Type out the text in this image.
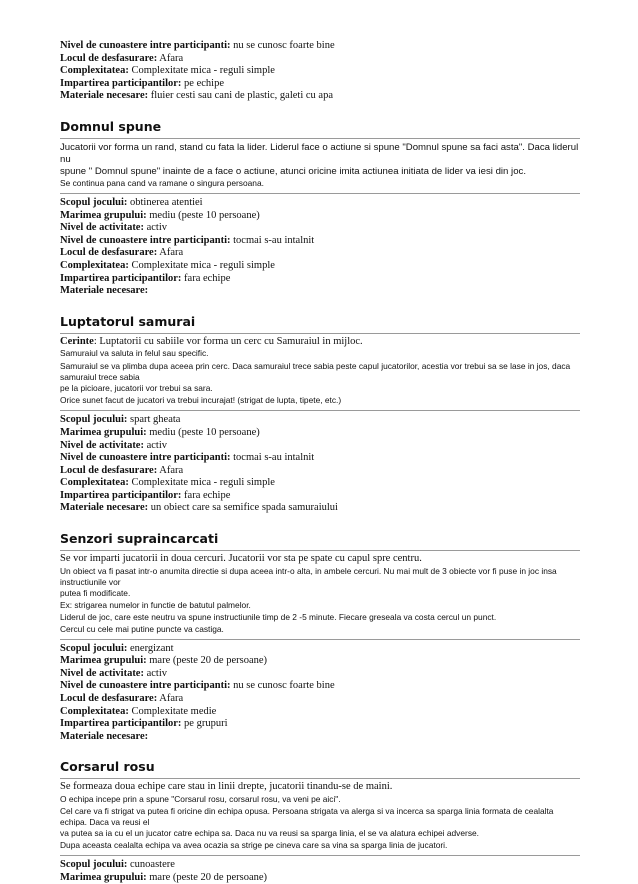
Nivel de cunoastere intre participanti: nu se cunosc foarte bine
Locul de desfasurare: Afara
Complexitatea: Complexitate mica - reguli simple
Impartirea participantilor: pe echipe
Materiale necesare: fluier cesti sau cani de plastic, galeti cu apa
Domnul spune
Jucatorii vor forma un rand, stand cu fata la lider. Liderul face o actiune si spune "Domnul spune sa faci asta". Daca liderul nu
spune " Domnul spune" inainte de a face o actiune, atunci oricine imita actiunea initiata de lider va iesi din joc.
Se continua pana cand va ramane o singura persoana.
Scopul jocului: obtinerea atentiei
Marimea grupului: mediu (peste 10 persoane)
Nivel de activitate: activ
Nivel de cunoastere intre participanti: tocmai s-au intalnit
Locul de desfasurare: Afara
Complexitatea: Complexitate mica - reguli simple
Impartirea participantilor: fara echipe
Materiale necesare:
Luptatorul samurai
Cerinte: Luptatorii cu sabiile vor forma un cerc cu Samuraiul in mijloc.
Samuraiul va saluta in felul sau specific.
Samuraiul se va plimba dupa aceea prin cerc. Daca samuraiul trece sabia peste capul jucatorilor, acestia vor trebui sa se lase in jos, daca samuraiul trece sabia
pe la picioare, jucatorii vor trebui sa sara.
Orice sunet facut de jucatori va trebui incurajat! (strigat de lupta, tipete, etc.)
Scopul jocului: spart gheata
Marimea grupului: mediu (peste 10 persoane)
Nivel de activitate: activ
Nivel de cunoastere intre participanti: tocmai s-au intalnit
Locul de desfasurare: Afara
Complexitatea: Complexitate mica - reguli simple
Impartirea participantilor: fara echipe
Materiale necesare: un obiect care sa semifice spada samuraiului
Senzori supraincarcati
Se vor imparti jucatorii in doua cercuri. Jucatorii vor sta pe spate cu capul spre centru.
Un obiect va fi pasat intr-o anumita directie si dupa aceea intr-o alta, in ambele cercuri. Nu mai mult de 3 obiecte vor fi puse in joc insa instructiunile vor
putea fi modificate.
Ex: strigarea numelor in functie de batutul palmelor.
Liderul de joc, care este neutru va spune instructiunile timp de 2 -5 minute. Fiecare greseala va costa cercul un punct.
Cercul cu cele mai putine puncte va castiga.
Scopul jocului: energizant
Marimea grupului: mare (peste 20 de persoane)
Nivel de activitate: activ
Nivel de cunoastere intre participanti: nu se cunosc foarte bine
Locul de desfasurare: Afara
Complexitatea: Complexitate medie
Impartirea participantilor: pe grupuri
Materiale necesare:
Corsarul rosu
Se formeaza doua echipe care stau in linii drepte, jucatorii tinandu-se de maini.
O echipa incepe prin a spune "Corsarul rosu, corsarul rosu, va veni pe aici".
Cel care va fi strigat va putea fi oricine din echipa opusa. Persoana strigata va alerga si va incerca sa sparga linia formata de cealalta echipa. Daca va reusi el
va putea sa ia cu el un jucator catre echipa sa. Daca nu va reusi sa sparga linia, el se va alatura echipei adverse.
Dupa aceasta cealalta echipa va avea ocazia sa strige pe cineva care sa vina sa sparga linia de jucatori.
Scopul jocului: cunoastere
Marimea grupului: mare (peste 20 de persoane)
